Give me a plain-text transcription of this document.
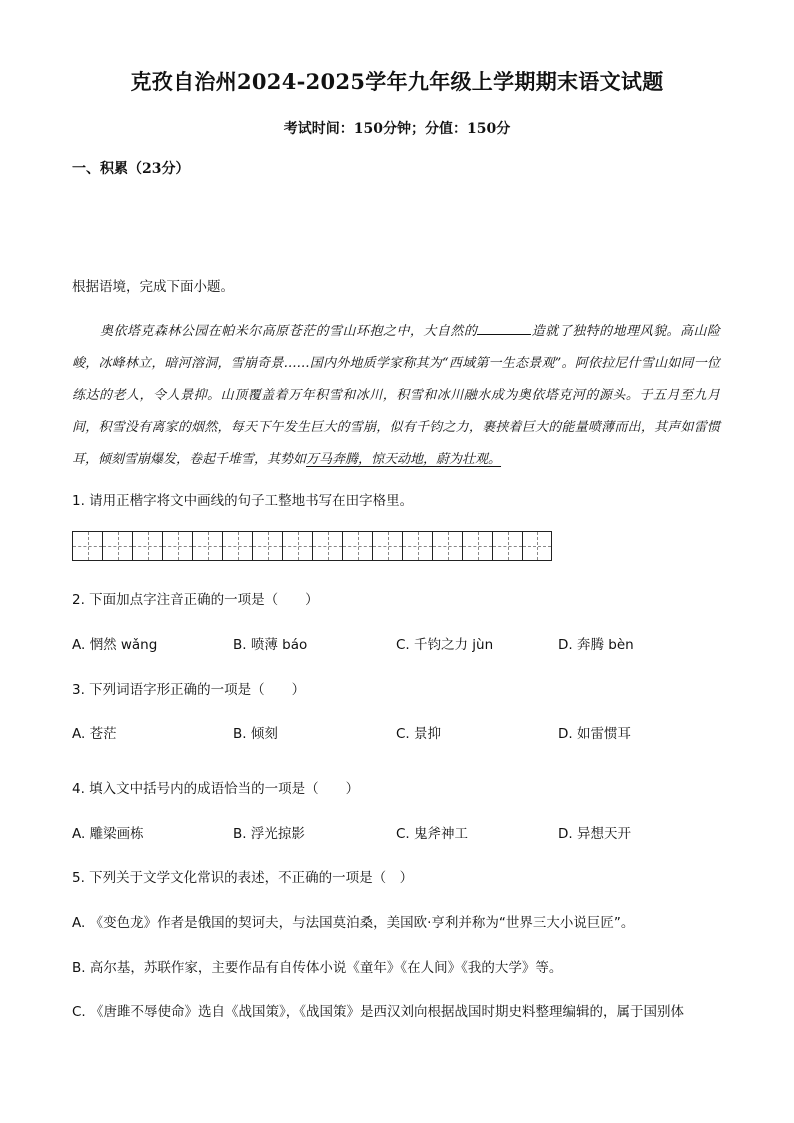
克孜自治州2024-2025学年九年级上学期期末语文试题
考试时间：150分钟；分值：150分
一、积累（23分）
根据语境，完成下面小题。

奥依塔克森林公园在帕米尔高原苍茫的雪山环抱之中，大自然的	造就了独特的地理风貌。高山险峻，冰峰林立，暗河溶洞，雪崩奇景……国内外地质学家称其为“西域第一生态景观”。阿依拉尼什雪山如同一位练达的老人，令人景抑。山顶覆盖着万年积雪和冰川，积雪和冰川融水成为奥依塔克河的源头。于五月至九月间，积雪没有离家的烟然，每天下午发生巨大的雪崩，似有千钧之力，裹挟着巨大的能量喷薄而出，其声如雷惯耳，倾刻雪崩爆发，卷起千堆雪，其势如万马奔腾，惊天动地，蔚为壮观。

1. 请用正楷字将文中画线的句子工整地书写在田字格里。
2. 下面加点字注音正确的一项是（　　）
A. 惘然 wǎng	B. 喷薄 báo	C. 千钧之力 jùn	D. 奔腾 bèn
3. 下列词语字形正确的一项是（　　）
A. 苍茫	B. 倾刻	C. 景抑	D. 如雷惯耳
4. 填入文中括号内的成语恰当的一项是（　　）
A. 雕梁画栋	B. 浮光掠影	C. 鬼斧神工	D. 异想天开
5. 下列关于文学文化常识的表述，不正确的一项是（　）
A. 《变色龙》作者是俄国的契诃夫，与法国莫泊桑，美国欧·亨利并称为“世界三大小说巨匠”。
B. 高尔基，苏联作家，主要作品有自传体小说《童年》《在人间》《我的大学》等。
C. 《唐雎不辱使命》选自《战国策》，《战国策》是西汉刘向根据战国时期史料整理编辑的，属于国别体
